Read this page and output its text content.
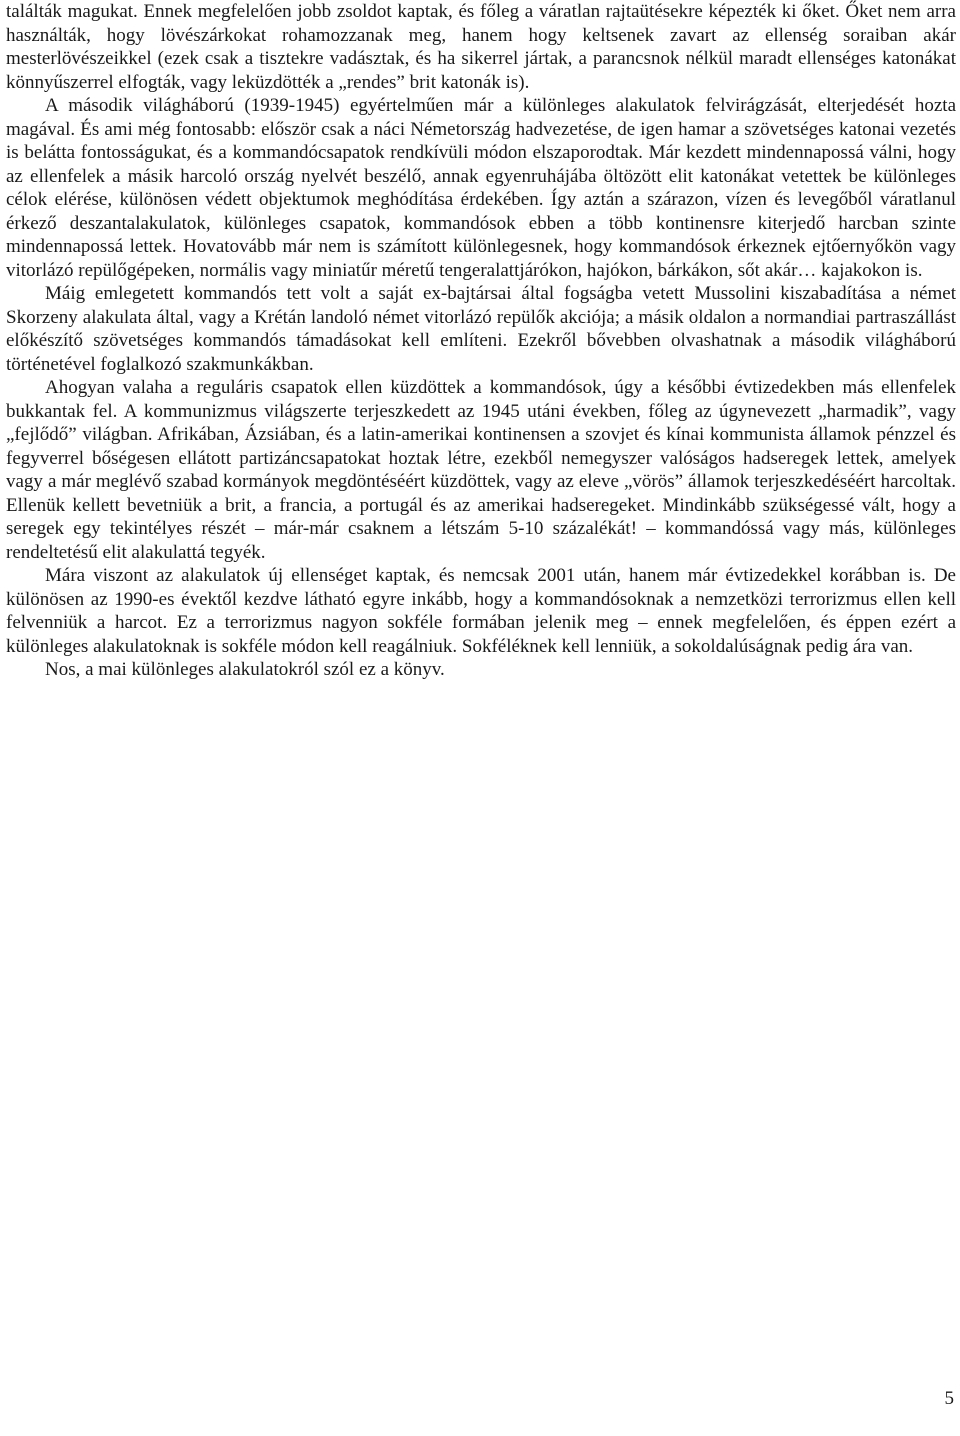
találták magukat. Ennek megfelelően jobb zsoldot kaptak, és főleg a váratlan rajtaütésekre képezték ki őket. Őket nem arra használták, hogy lövészárkokat rohamozzanak meg, hanem hogy keltsenek zavart az ellenség soraiban akár mesterlövészeikkel (ezek csak a tisztekre vadásztak, és ha sikerrel jártak, a parancsnok nélkül maradt ellenséges katonákat könnyűszerrel elfogták, vagy leküzdötték a „rendes” brit katonák is).

A második világháború (1939-1945) egyértelműen már a különleges alakulatok felvirágzását, elterjedését hozta magával. És ami még fontosabb: először csak a náci Németország hadvezetése, de igen hamar a szövetséges katonai vezetés is belátta fontosságukat, és a kommandócsapatok rendkívüli módon elszaporodtak. Már kezdett mindennapossá válni, hogy az ellenfelek a másik harcoló ország nyelvét beszélő, annak egyenruhájába öltözött elit katonákat vetettek be különleges célok elérése, különösen védett objektumok meghódítása érdekében. Így aztán a szárazon, vízen és levegőből váratlanul érkező deszantalakulatok, különleges csapatok, kommandósok ebben a több kontinensre kiterjedő harcban szinte mindennapossá lettek. Hovatovább már nem is számított különlegesnek, hogy kommandósok érkeznek ejtőernyőkön vagy vitorlázó repülőgépeken, normális vagy miniatűr méretű tengeralattjárókon, hajókon, bárkákon, sőt akár… kajakokon is.

Máig emlegetett kommandós tett volt a saját ex-bajtársai által fogságba vetett Mussolini kiszabadítása a német Skorzeny alakulata által, vagy a Krétán landoló német vitorlázó repülők akciója; a másik oldalon a normandiai partraszállást előkészítő szövetséges kommandós támadásokat kell említeni. Ezekről bővebben olvashatnak a második világháború történetével foglalkozó szakmunkákban.

Ahogyan valaha a reguláris csapatok ellen küzdöttek a kommandósok, úgy a későbbi évtizedekben más ellenfelek bukkantak fel. A kommunizmus világszerte terjeszkedett az 1945 utáni években, főleg az úgynevezett „harmadik”, vagy „fejlődő” világban. Afrikában, Ázsiában, és a latin-amerikai kontinensen a szovjet és kínai kommunista államok pénzzel és fegyverrel bőségesen ellátott partizáncsapatokat hoztak létre, ezekből nemegyszer valóságos hadseregek lettek, amelyek vagy a már meglévő szabad kormányok megdöntéséért küzdöttek, vagy az eleve „vörös” államok terjeszkedéséért harcoltak. Ellenük kellett bevetniük a brit, a francia, a portugál és az amerikai hadseregeket. Mindinkább szükségessé vált, hogy a seregek egy tekintélyes részét – már-már csaknem a létszám 5-10 százalékát! – kommandóssá vagy más, különleges rendeltetésű elit alakulattá tegyék.

Mára viszont az alakulatok új ellenséget kaptak, és nemcsak 2001 után, hanem már évtizedekkel korábban is. De különösen az 1990-es évektől kezdve látható egyre inkább, hogy a kommandósoknak a nemzetközi terrorizmus ellen kell felvenniük a harcot. Ez a terrorizmus nagyon sokféle formában jelenik meg – ennek megfelelően, és éppen ezért a különleges alakulatoknak is sokféle módon kell reagálniuk. Sokféléknek kell lenniük, a sokoldalúságnak pedig ára van.

Nos, a mai különleges alakulatokról szól ez a könyv.

5
